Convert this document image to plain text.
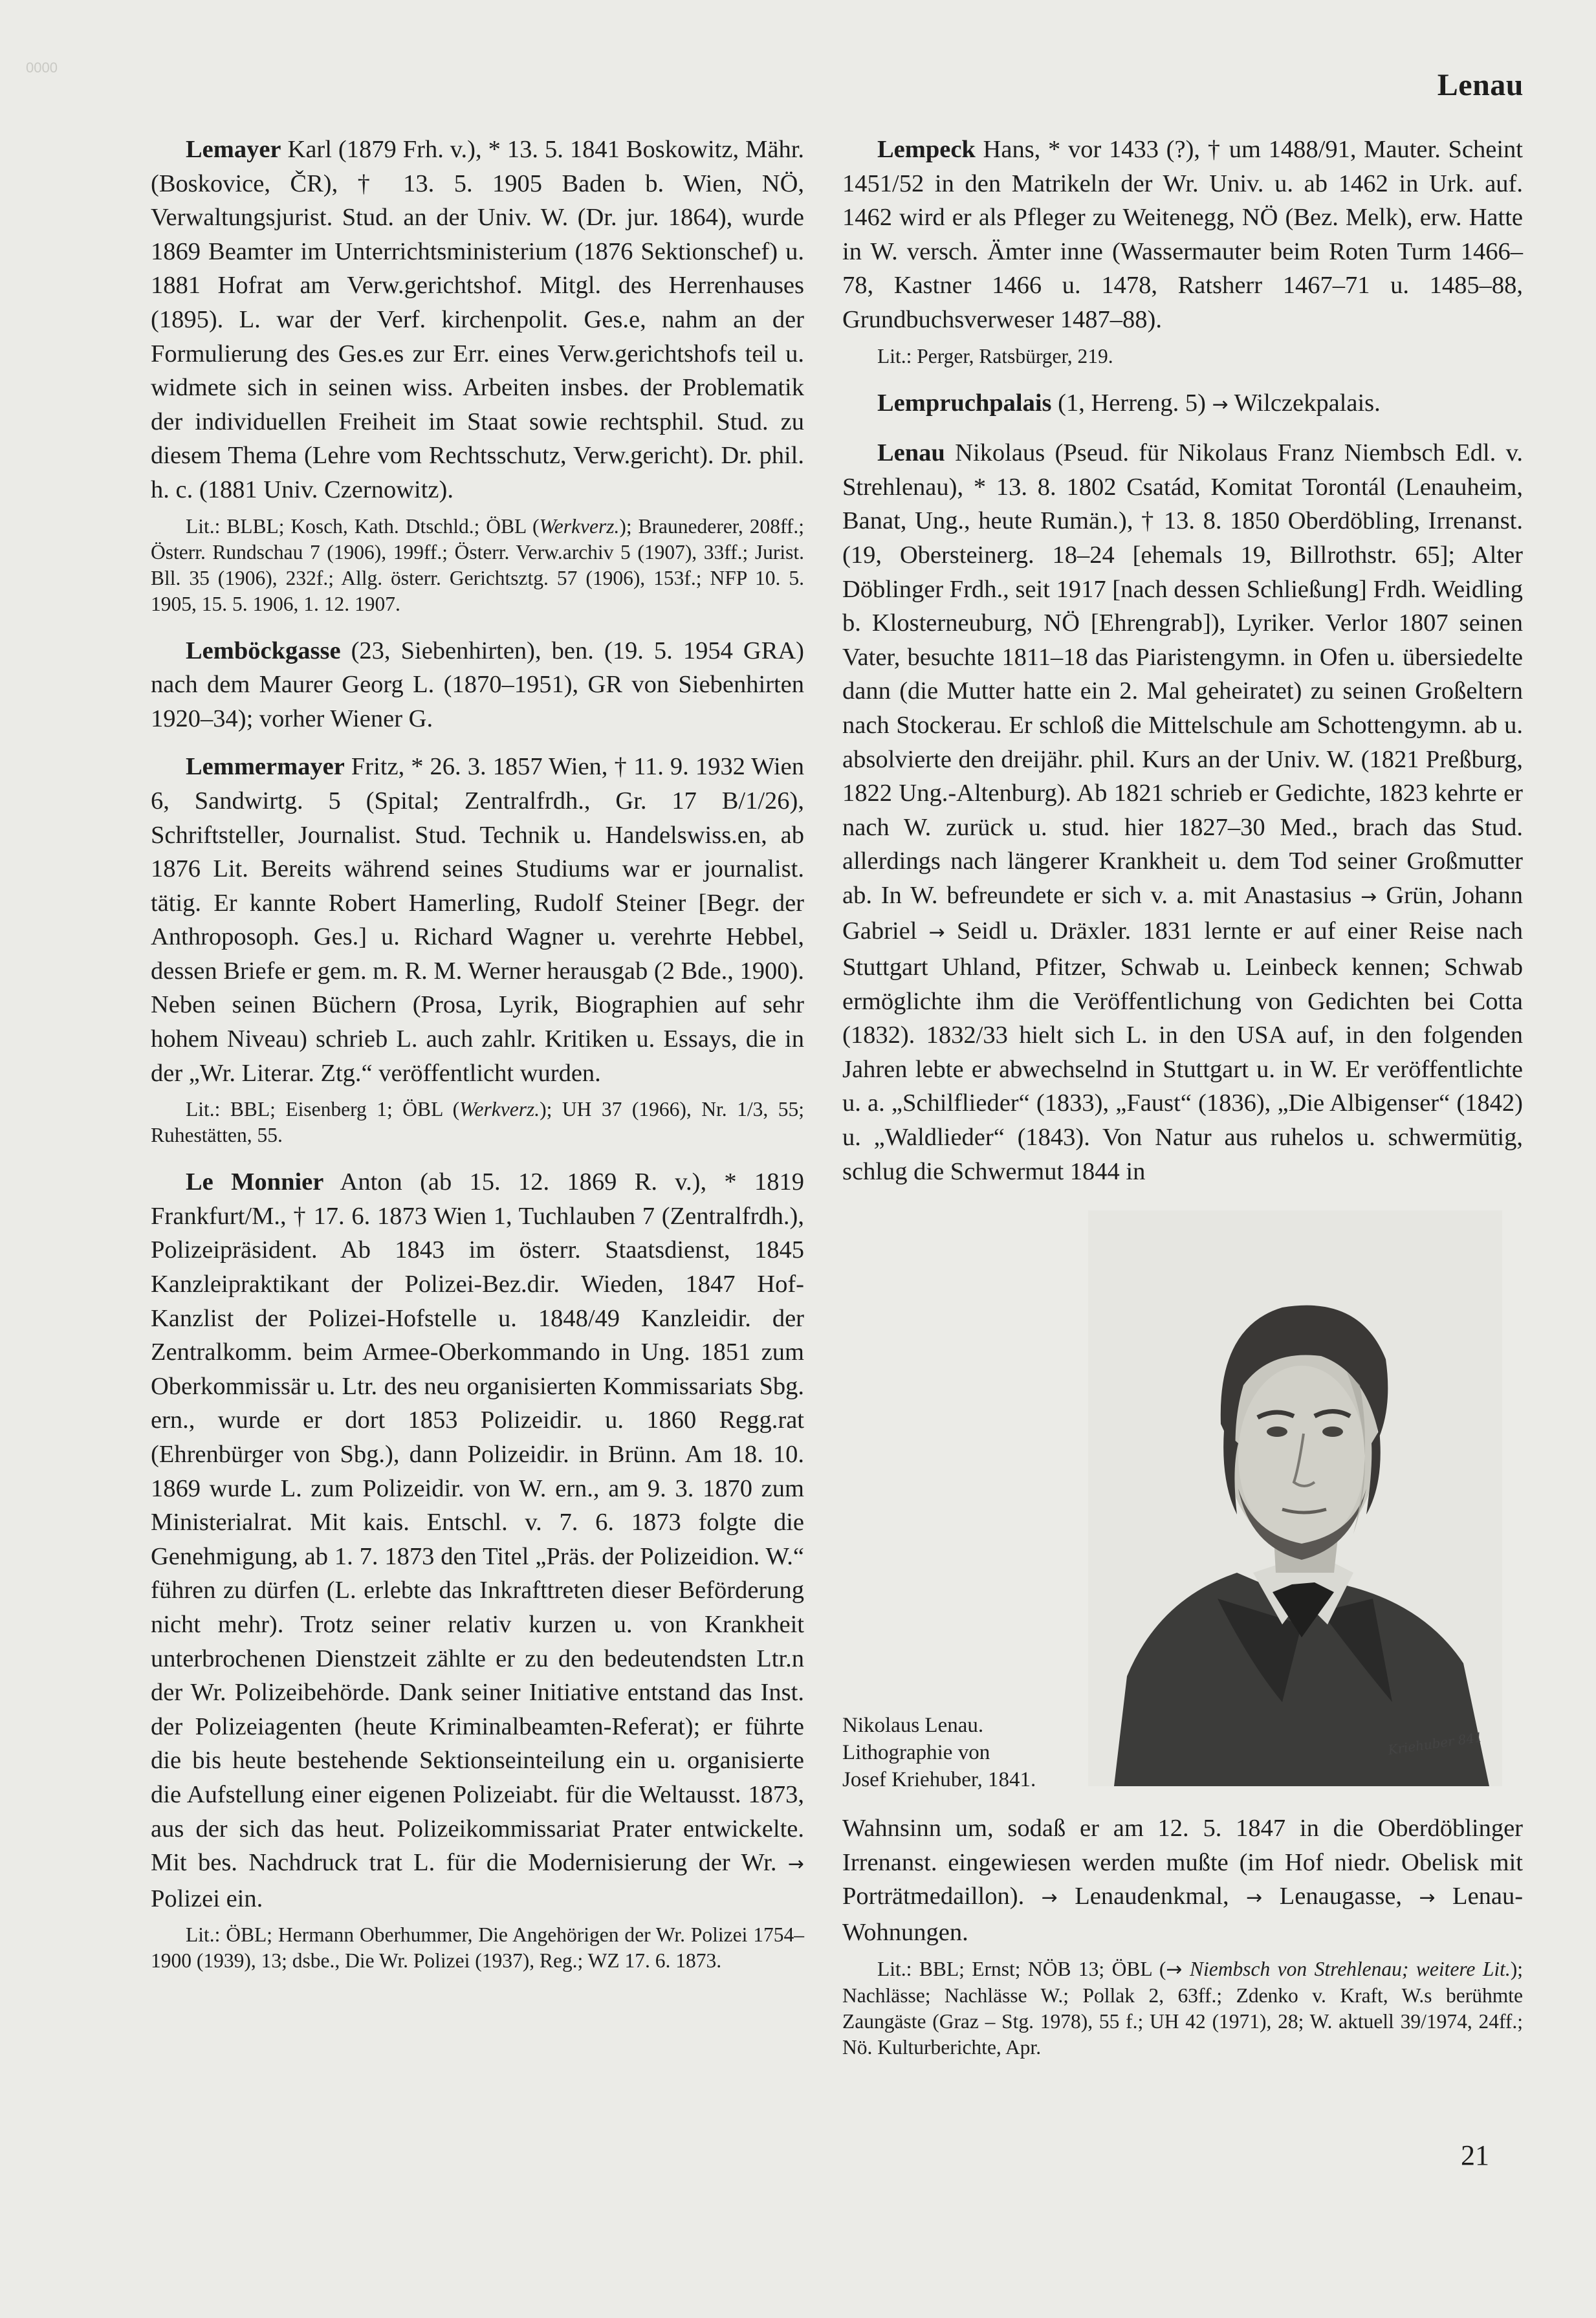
0000
Lenau

Lemayer Karl (1879 Frh. v.), * 13. 5. 1841 Boskowitz, Mähr. (Boskovice, ČR), † 13. 5. 1905 Baden b. Wien, NÖ, Verwaltungsjurist. Stud. an der Univ. W. (Dr. jur. 1864), wurde 1869 Beamter im Unterrichtsministerium (1876 Sektionschef) u. 1881 Hofrat am Verw.gerichtshof. Mitgl. des Herrenhauses (1895). L. war der Verf. kirchenpolit. Ges.e, nahm an der Formulierung des Ges.es zur Err. eines Verw.gerichtshofs teil u. widmete sich in seinen wiss. Arbeiten insbes. der Problematik der individuellen Freiheit im Staat sowie rechtsphil. Stud. zu diesem Thema (Lehre vom Rechtsschutz, Verw.gericht). Dr. phil. h. c. (1881 Univ. Czernowitz).

Lit.: BLBL; Kosch, Kath. Dtschld.; ÖBL (Werkverz.); Braunederer, 208ff.; Österr. Rundschau 7 (1906), 199ff.; Österr. Verw.archiv 5 (1907), 33ff.; Jurist. Bll. 35 (1906), 232f.; Allg. österr. Gerichtsztg. 57 (1906), 153f.; NFP 10. 5. 1905, 15. 5. 1906, 1. 12. 1907.

Lemböckgasse (23, Siebenhirten), ben. (19. 5. 1954 GRA) nach dem Maurer Georg L. (1870–1951), GR von Siebenhirten 1920–34); vorher Wiener G.

Lemmermayer Fritz, * 26. 3. 1857 Wien, † 11. 9. 1932 Wien 6, Sandwirtg. 5 (Spital; Zentralfrdh., Gr. 17 B/1/26), Schriftsteller, Journalist. Stud. Technik u. Handelswiss.en, ab 1876 Lit. Bereits während seines Studiums war er journalist. tätig. Er kannte Robert Hamerling, Rudolf Steiner [Begr. der Anthroposoph. Ges.] u. Richard Wagner u. verehrte Hebbel, dessen Briefe er gem. m. R. M. Werner herausgab (2 Bde., 1900). Neben seinen Büchern (Prosa, Lyrik, Biographien auf sehr hohem Niveau) schrieb L. auch zahlr. Kritiken u. Essays, die in der „Wr. Literar. Ztg.“ veröffentlicht wurden.

Lit.: BBL; Eisenberg 1; ÖBL (Werkverz.); UH 37 (1966), Nr. 1/3, 55; Ruhestätten, 55.

Le Monnier Anton (ab 15. 12. 1869 R. v.), * 1819 Frankfurt/M., † 17. 6. 1873 Wien 1, Tuchlauben 7 (Zentralfrdh.), Polizeipräsident. Ab 1843 im österr. Staatsdienst, 1845 Kanzleipraktikant der Polizei-Bez.dir. Wieden, 1847 Hof-Kanzlist der Polizei-Hofstelle u. 1848/49 Kanzleidir. der Zentralkomm. beim Armee-Oberkommando in Ung. 1851 zum Oberkommissär u. Ltr. des neu organisierten Kommissariats Sbg. ern., wurde er dort 1853 Polizeidir. u. 1860 Regg.rat (Ehrenbürger von Sbg.), dann Polizeidir. in Brünn. Am 18. 10. 1869 wurde L. zum Polizeidir. von W. ern., am 9. 3. 1870 zum Ministerialrat. Mit kais. Entschl. v. 7. 6. 1873 folgte die Genehmigung, ab 1. 7. 1873 den Titel „Präs. der Polizeidion. W.“ führen zu dürfen (L. erlebte das Inkrafttreten dieser Beförderung nicht mehr). Trotz seiner relativ kurzen u. von Krankheit unterbrochenen Dienstzeit zählte er zu den bedeutendsten Ltr.n der Wr. Polizeibehörde. Dank seiner Initiative entstand das Inst. der Polizeiagenten (heute Kriminalbeamten-Referat); er führte die bis heute bestehende Sektionseinteilung ein u. organisierte die Aufstellung einer eigenen Polizeiabt. für die Weltausst. 1873, aus der sich das heut. Polizeikommissariat Prater entwickelte. Mit bes. Nachdruck trat L. für die Modernisierung der Wr. → Polizei ein.

Lit.: ÖBL; Hermann Oberhummer, Die Angehörigen der Wr. Polizei 1754–1900 (1939), 13; dsbe., Die Wr. Polizei (1937), Reg.; WZ 17. 6. 1873.

Lempeck Hans, * vor 1433 (?), † um 1488/91, Mauter. Scheint 1451/52 in den Matrikeln der Wr. Univ. u. ab 1462 in Urk. auf. 1462 wird er als Pfleger zu Weitenegg, NÖ (Bez. Melk), erw. Hatte in W. versch. Ämter inne (Wassermauter beim Roten Turm 1466–78, Kastner 1466 u. 1478, Ratsherr 1467–71 u. 1485–88, Grundbuchsverweser 1487–88).

Lit.: Perger, Ratsbürger, 219.

Lempruchpalais (1, Herreng. 5) → Wilczekpalais.

Lenau Nikolaus (Pseud. für Nikolaus Franz Niembsch Edl. v. Strehlenau), * 13. 8. 1802 Csatád, Komitat Torontál (Lenauheim, Banat, Ung., heute Rumän.), † 13. 8. 1850 Oberdöbling, Irrenanst. (19, Obersteinerg. 18–24 [ehemals 19, Billrothstr. 65]; Alter Döblinger Frdh., seit 1917 [nach dessen Schließung] Frdh. Weidling b. Klosterneuburg, NÖ [Ehrengrab]), Lyriker. Verlor 1807 seinen Vater, besuchte 1811–18 das Piaristengymn. in Ofen u. übersiedelte dann (die Mutter hatte ein 2. Mal geheiratet) zu seinen Großeltern nach Stockerau. Er schloß die Mittelschule am Schottengymn. ab u. absolvierte den dreijähr. phil. Kurs an der Univ. W. (1821 Preßburg, 1822 Ung.-Altenburg). Ab 1821 schrieb er Gedichte, 1823 kehrte er nach W. zurück u. stud. hier 1827–30 Med., brach das Stud. allerdings nach längerer Krankheit u. dem Tod seiner Großmutter ab. In W. befreundete er sich v. a. mit Anastasius → Grün, Johann Gabriel → Seidl u. Dräxler. 1831 lernte er auf einer Reise nach Stuttgart Uhland, Pfitzer, Schwab u. Leinbeck kennen; Schwab ermöglichte ihm die Veröffentlichung von Gedichten bei Cotta (1832). 1832/33 hielt sich L. in den USA auf, in den folgenden Jahren lebte er abwechselnd in Stuttgart u. in W. Er veröffentlichte u. a. „Schilflieder“ (1833), „Faust“ (1836), „Die Albigenser“ (1842) u. „Waldlieder“ (1843). Von Natur aus ruhelos u. schwermütig, schlug die Schwermut 1844 in

Nikolaus Lenau.
Lithographie von
Josef Kriehuber, 1841.
Kriehuber 841

Wahnsinn um, sodaß er am 12. 5. 1847 in die Oberdöblinger Irrenanst. eingewiesen werden mußte (im Hof niedr. Obelisk mit Porträtmedaillon). → Lenaudenkmal, → Lenaugasse, → Lenau-Wohnungen.

Lit.: BBL; Ernst; NÖB 13; ÖBL (→ Niembsch von Strehlenau; weitere Lit.); Nachlässe; Nachlässe W.; Pollak 2, 63ff.; Zdenko v. Kraft, W.s berühmte Zaungäste (Graz – Stg. 1978), 55 f.; UH 42 (1971), 28; W. aktuell 39/1974, 24ff.; Nö. Kulturberichte, Apr.

21
